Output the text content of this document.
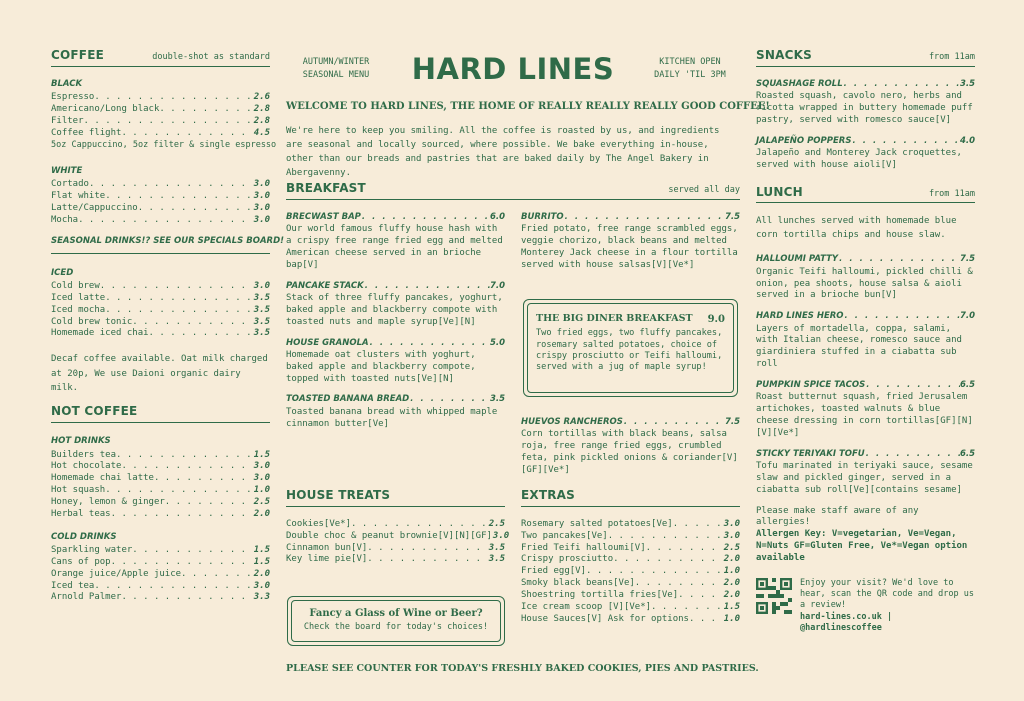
COFFEE	double-shot as standard
BLACK
Espresso . . .	2.6
Americano/Long black . . .	2.8
Filter . . .	2.8
Coffee flight . . .	4.5
5oz Cappuccino, 5oz filter & single espresso
WHITE
Cortado . . .	3.0
Flat white . . .	3.0
Latte/Cappuccino . . .	3.0
Mocha . . .	3.0
SEASONAL DRINKS!? SEE OUR SPECIALS BOARD!
ICED
Cold brew . . .	3.0
Iced latte . . .	3.5
Iced mocha . . .	3.5
Cold brew tonic . . .	3.5
Homemade iced chai . . .	3.5
Decaf coffee available. Oat milk charged at 20p, We use Daioni organic dairy milk.
NOT COFFEE
HOT DRINKS
Builders tea . . .	1.5
Hot chocolate . . .	3.0
Homemade chai latte . . .	3.0
Hot squash . . .	1.0
Honey, lemon & ginger . . .	2.5
Herbal teas . . .	2.0
COLD DRINKS
Sparkling water . . .	1.5
Cans of pop . . .	1.5
Orange juice/Apple juice . . .	2.0
Iced tea . . .	3.0
Arnold Palmer . . .	3.3
AUTUMN/WINTER
SEASONAL MENU	HARD LINES	KITCHEN OPEN
DAILY 'TIL 3PM
WELCOME TO HARD LINES, THE HOME OF REALLY REALLY REALLY GOOD COFFEE!
We're here to keep you smiling. All the coffee is roasted by us, and ingredients are seasonal and locally sourced, where possible. We bake everything in-house, other than our breads and pastries that are baked daily by The Angel Bakery in Abergavenny.
BREAKFAST	served all day
BRECWAST BAP . . .	6.0
Our world famous fluffy house hash with a crispy free range fried egg and melted American cheese served in an brioche bap[V]
PANCAKE STACK . . .	7.0
Stack of three fluffy pancakes, yoghurt, baked apple and blackberry compote with toasted nuts and maple syrup[Ve][N]
HOUSE GRANOLA . . .	5.0
Homemade oat clusters with yoghurt, baked apple and blackberry compote, topped with toasted nuts[Ve][N]
TOASTED BANANA BREAD . . .	3.5
Toasted banana bread with whipped maple cinnamon butter[Ve]
BURRITO . . .	7.5
Fried potato, free range scrambled eggs, veggie chorizo, black beans and melted Monterey Jack cheese in a flour tortilla served with house salsas[V][Ve*]
THE BIG DINER BREAKFAST 9.0
Two fried eggs, two fluffy pancakes, rosemary salted potatoes, choice of crispy prosciutto or Teifi halloumi, served with a jug of maple syrup!
HUEVOS RANCHEROS . . .	7.5
Corn tortillas with black beans, salsa roja, free range fried eggs, crumbled feta, pink pickled onions & coriander[V][GF][Ve*]
HOUSE TREATS
Cookies[Ve*] . . .	2.5
Double choc & peanut brownie[V][N][GF] 3.0
Cinnamon bun[V] . . .	3.5
Key lime pie[V] . . .	3.5
Fancy a Glass of Wine or Beer?
Check the board for today's choices!
EXTRAS
Rosemary salted potatoes[Ve] . . .	3.0
Two pancakes[Ve] . . .	3.0
Fried Teifi halloumi[V] . . .	2.5
Crispy prosciutto . . .	2.0
Fried egg[V] . . .	1.0
Smoky black beans[Ve] . . .	2.0
Shoestring tortilla fries[Ve] . . .	2.0
Ice cream scoop [V][Ve*] . . .	1.5
House Sauces[V] Ask for options . . .	1.0
PLEASE SEE COUNTER FOR TODAY'S FRESHLY BAKED COOKIES, PIES AND PASTRIES.
SNACKS	from 11am
SQUASHAGE ROLL . . .	3.5
Roasted squash, cavolo nero, herbs and ricotta wrapped in buttery homemade puff pastry, served with romesco sauce[V]
JALAPEÑO POPPERS . . .	4.0
Jalapeño and Monterey Jack croquettes, served with house aioli[V]
LUNCH	from 11am
All lunches served with homemade blue corn tortilla chips and house slaw.
HALLOUMI PATTY . . .	7.5
Organic Teifi halloumi, pickled chilli & onion, pea shoots, house salsa & aioli served in a brioche bun[V]
HARD LINES HERO . . .	7.0
Layers of mortadella, coppa, salami, with Italian cheese, romesco sauce and giardiniera stuffed in a ciabatta sub roll
PUMPKIN SPICE TACOS . . .	6.5
Roast butternut squash, fried Jerusalem artichokes, toasted walnuts & blue cheese dressing in corn tortillas[GF][N][V][Ve*]
STICKY TERIYAKI TOFU . . .	6.5
Tofu marinated in teriyaki sauce, sesame slaw and pickled ginger, served in a ciabatta sub roll[Ve][contains sesame]
Please make staff aware of any allergies!
Allergen Key: V=vegetarian, Ve=Vegan, N=Nuts GF=Gluten Free, Ve*=Vegan option available
Enjoy your visit? We'd love to hear, scan the QR code and drop us a review!
hard-lines.co.uk | @hardlinescoffee
